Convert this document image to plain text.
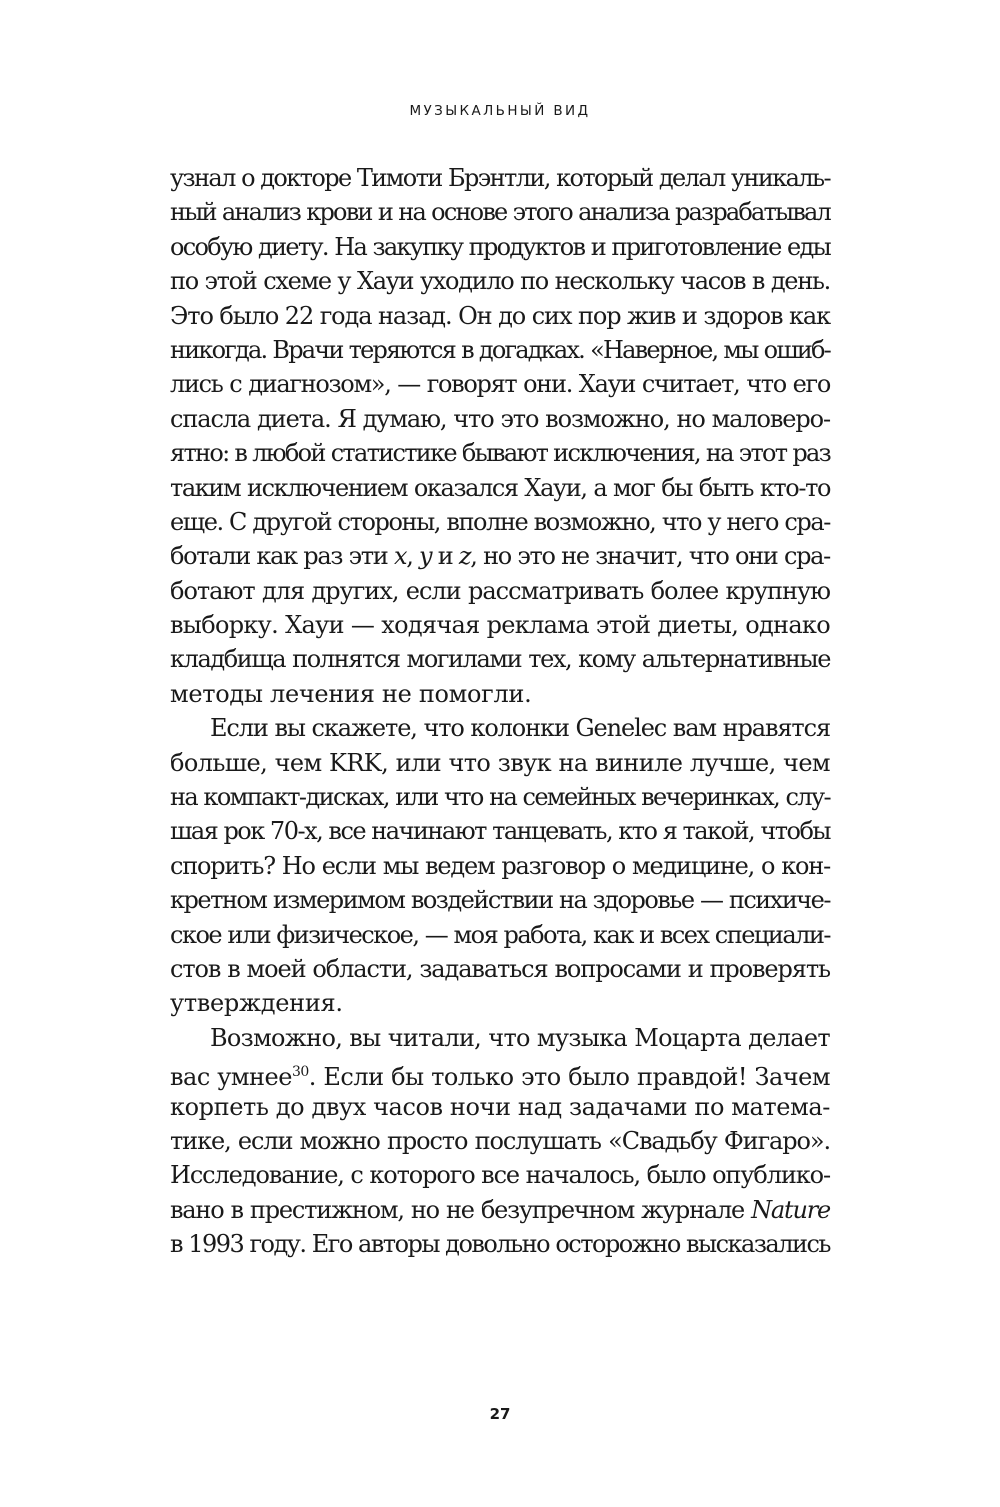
МУЗЫКАЛЬНЫЙ ВИД
узнал о докторе Тимоти Брэнтли, который делал уникаль-
ный анализ крови и на основе этого анализа разрабатывал
особую диету. На закупку продуктов и приготовление еды
по этой схеме у Хауи уходило по нескольку часов в день.
Это было 22 года назад. Он до сих пор жив и здоров как
никогда. Врачи теряются в догадках. «Наверное, мы ошиб-
лись с диагнозом», — говорят они. Хауи считает, что его
спасла диета. Я думаю, что это возможно, но маловеро-
ятно: в любой статистике бывают исключения, на этот раз
таким исключением оказался Хауи, а мог бы быть кто-то
еще. С другой стороны, вполне возможно, что у него сра-
ботали как раз эти x, y и z, но это не значит, что они сра-
ботают для других, если рассматривать более крупную
выборку. Хауи — ходячая реклама этой диеты, однако
кладбища полнятся могилами тех, кому альтернативные
методы лечения не помогли.
Если вы скажете, что колонки Genelec вам нравятся
больше, чем KRK, или что звук на виниле лучше, чем
на компакт-дисках, или что на семейных вечеринках, слу-
шая рок 70-х, все начинают танцевать, кто я такой, чтобы
спорить? Но если мы ведем разговор о медицине, о кон-
кретном измеримом воздействии на здоровье — психиче-
ское или физическое, — моя работа, как и всех специали-
стов в моей области, задаваться вопросами и проверять
утверждения.
Возможно, вы читали, что музыка Моцарта делает
вас умнее$^{30}$. Если бы только это было правдой! Зачем
корпеть до двух часов ночи над задачами по матема-
тике, если можно просто послушать «Свадьбу Фигаро».
Исследование, с которого все началось, было опублико-
вано в престижном, но не безупречном журнале Nature
в 1993 году. Его авторы довольно осторожно высказались
27
